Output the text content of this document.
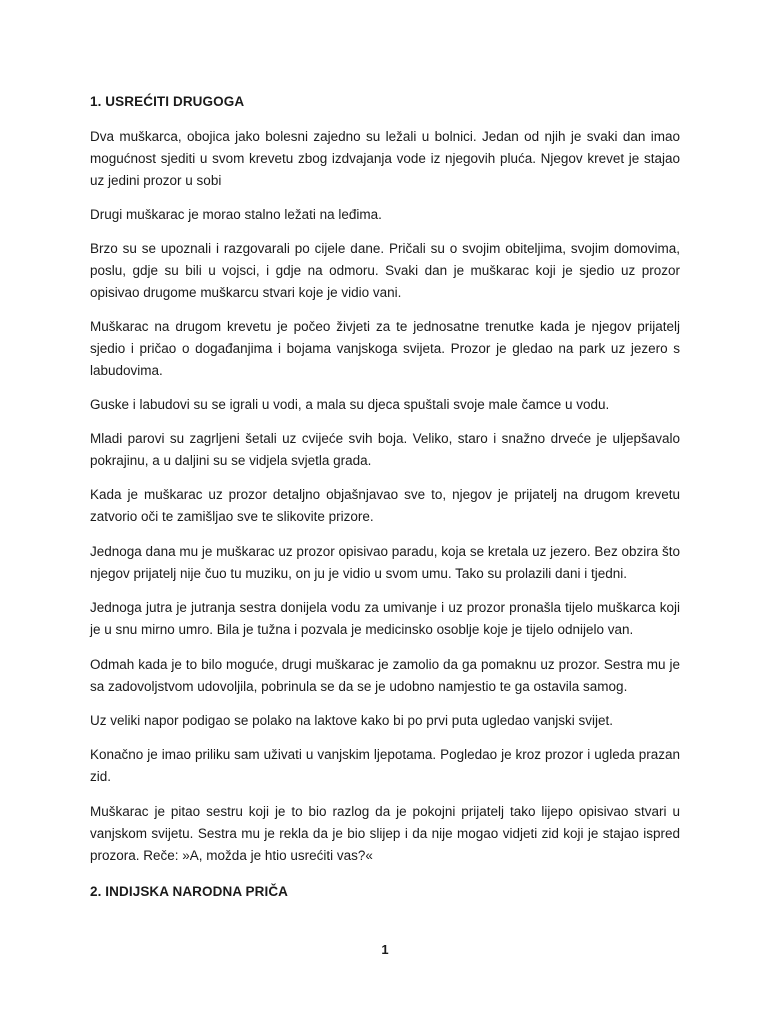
1. USREĆITI DRUGOGA

Dva muškarca, obojica jako bolesni zajedno su ležali u bolnici. Jedan od njih je svaki dan imao mogućnost sjediti u svom krevetu zbog izdvajanja vode iz njegovih pluća. Njegov krevet je stajao uz jedini prozor u sobi

Drugi muškarac je morao stalno ležati na leđima.

Brzo su se upoznali i razgovarali po cijele dane. Pričali su o svojim obiteljima, svojim domovima, poslu, gdje su bili u vojsci, i gdje na odmoru. Svaki dan je muškarac koji je sjedio uz prozor opisivao drugome muškarcu stvari koje je vidio vani.

Muškarac na drugom krevetu je počeo živjeti za te jednosatne trenutke kada je njegov prijatelj sjedio i pričao o događanjima i bojama vanjskoga svijeta. Prozor je gledao na park uz jezero s labudovima.

Guske i labudovi su se igrali u vodi, a mala su djeca spuštali svoje male čamce u vodu.

Mladi parovi su zagrljeni šetali uz cvijeće svih boja. Veliko, staro i snažno drveće je uljepšavalo pokrajinu, a u daljini su se vidjela svjetla grada.

Kada je muškarac uz prozor detaljno objašnjavao sve to, njegov je prijatelj na drugom krevetu zatvorio oči te zamišljao sve te slikovite prizore.

Jednoga dana mu je muškarac uz prozor opisivao paradu, koja se kretala uz jezero. Bez obzira što njegov prijatelj nije čuo tu muziku, on ju je vidio u svom umu. Tako su prolazili dani i tjedni.

Jednoga jutra je jutranja sestra donijela vodu za umivanje i uz prozor pronašla tijelo muškarca koji je u snu mirno umro. Bila je tužna i pozvala je medicinsko osoblje koje je tijelo odnijelo van.

Odmah kada je to bilo moguće, drugi muškarac je zamolio da ga pomaknu uz prozor. Sestra mu je sa zadovoljstvom udovoljila, pobrinula se da se je udobno namjestio te ga ostavila samog.

Uz veliki napor podigao se polako na laktove kako bi po prvi puta ugledao vanjski svijet.

Konačno je imao priliku sam uživati u vanjskim ljepotama. Pogledao je kroz prozor i ugleda prazan zid.

Muškarac je pitao sestru koji je to bio razlog da je pokojni prijatelj tako lijepo opisivao stvari u vanjskom svijetu. Sestra mu je rekla da je bio slijep i da nije mogao vidjeti zid koji je stajao ispred prozora. Reče: »A, možda je htio usrećiti vas?«

2. INDIJSKA NARODNA PRIČA
1
